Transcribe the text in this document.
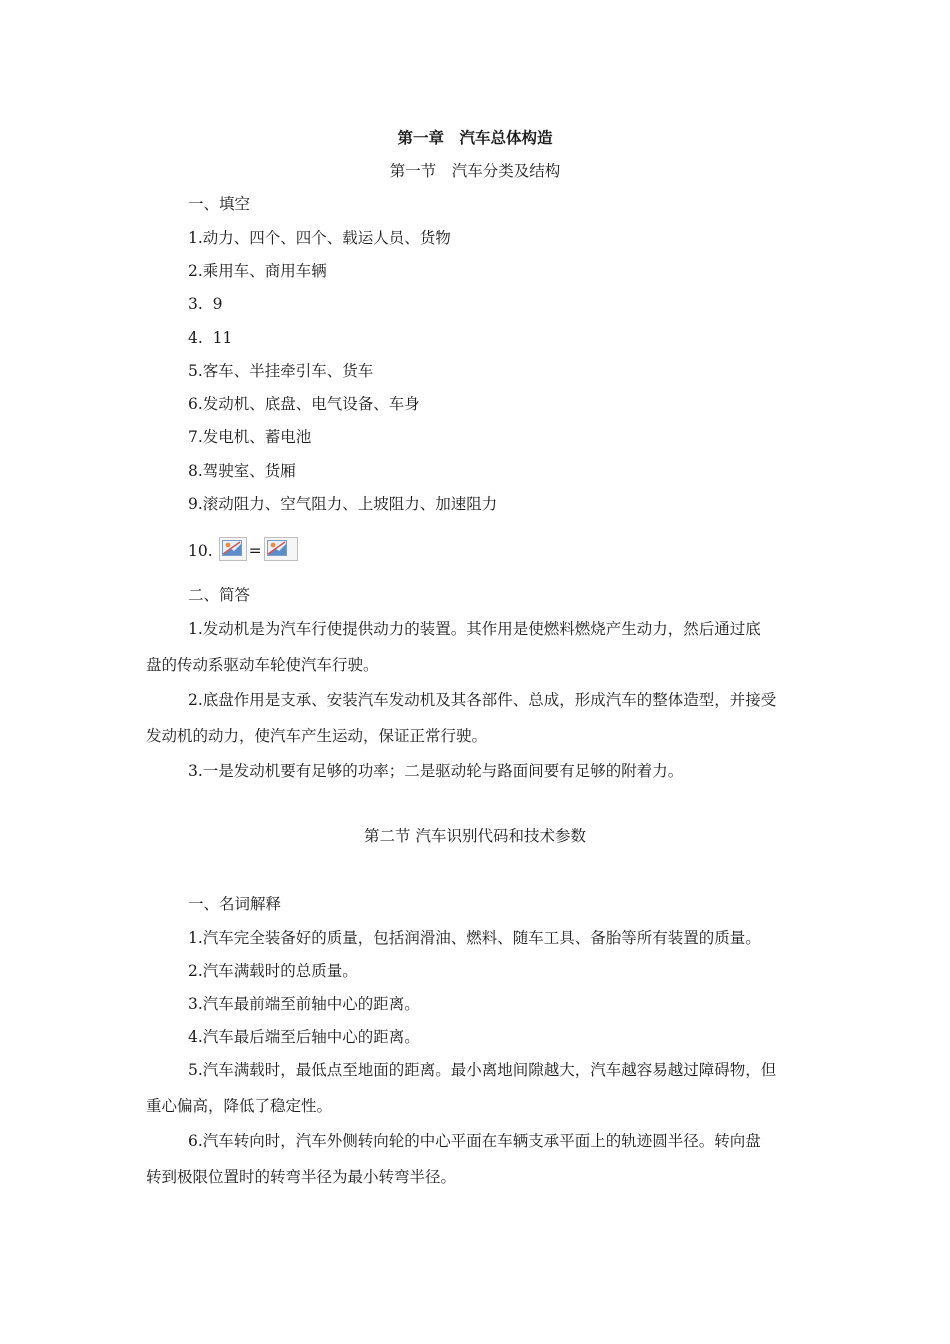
第一章　汽车总体构造
第一节　汽车分类及结构
一、填空
1.动力、四个、四个、载运人员、货物
2.乘用车、商用车辆
3.  9
4.  11
5.客车、半挂牵引车、货车
6.发动机、底盘、电气设备、车身
7.发电机、蓄电池
8.驾驶室、货厢
9.滚动阻力、空气阻力、上坡阻力、加速阻力
10. =
二、简答
1.发动机是为汽车行使提供动力的装置。其作用是使燃料燃烧产生动力，然后通过底
盘的传动系驱动车轮使汽车行驶。
2.底盘作用是支承、安装汽车发动机及其各部件、总成，形成汽车的整体造型，并接受
发动机的动力，使汽车产生运动，保证正常行驶。
3.一是发动机要有足够的功率；二是驱动轮与路面间要有足够的附着力。
第二节 汽车识别代码和技术参数
一、名词解释
1.汽车完全装备好的质量，包括润滑油、燃料、随车工具、备胎等所有装置的质量。
2.汽车满载时的总质量。
3.汽车最前端至前轴中心的距离。
4.汽车最后端至后轴中心的距离。
5.汽车满载时，最低点至地面的距离。最小离地间隙越大，汽车越容易越过障碍物，但
重心偏高，降低了稳定性。
6.汽车转向时，汽车外侧转向轮的中心平面在车辆支承平面上的轨迹圆半径。转向盘
转到极限位置时的转弯半径为最小转弯半径。
